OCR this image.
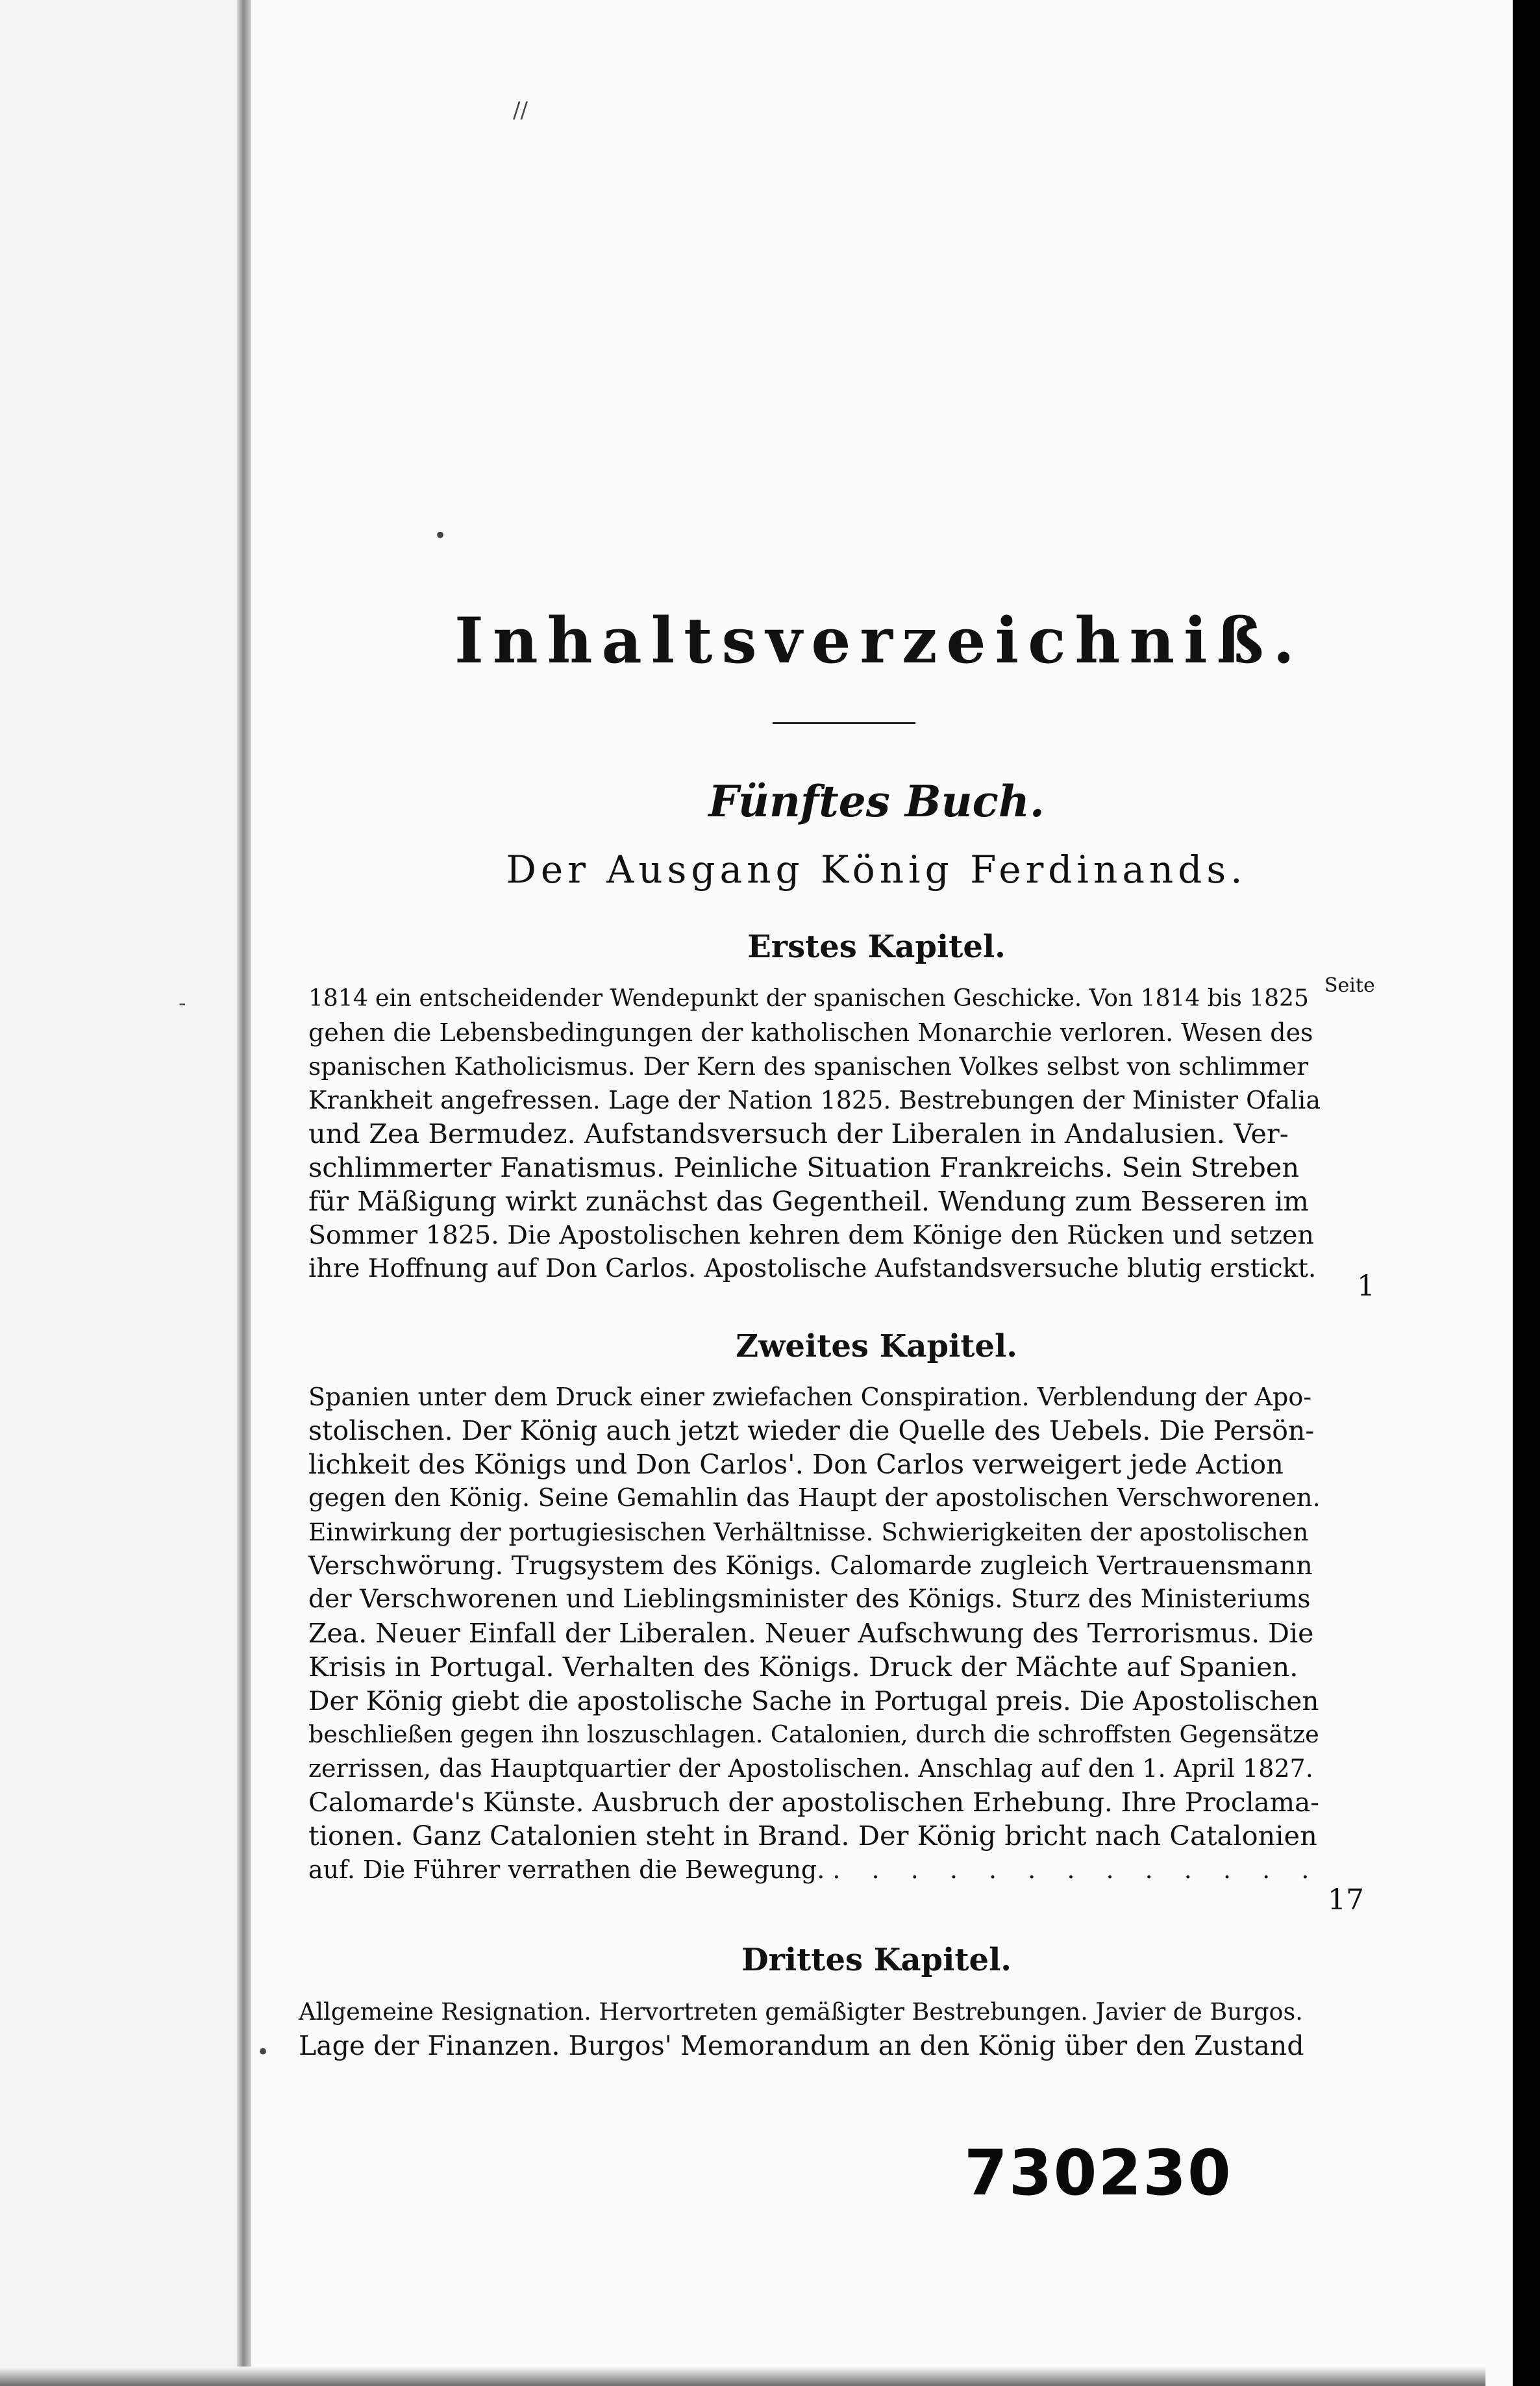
//
•
-
•
Inhaltsverzeichniß.
Fünftes Buch.
Der Ausgang König Ferdinands.
Seite
Erstes Kapitel.
1814 ein entscheidender Wendepunkt der spanischen Geschicke. Von 1814 bis 1825
gehen die Lebensbedingungen der katholischen Monarchie verloren. Wesen des
spanischen Katholicismus. Der Kern des spanischen Volkes selbst von schlimmer
Krankheit angefressen. Lage der Nation 1825. Bestrebungen der Minister Ofalia
und Zea Bermudez. Aufstandsversuch der Liberalen in Andalusien. Ver-
schlimmerter Fanatismus. Peinliche Situation Frankreichs. Sein Streben
für Mäßigung wirkt zunächst das Gegentheil. Wendung zum Besseren im
Sommer 1825. Die Apostolischen kehren dem Könige den Rücken und setzen
ihre Hoffnung auf Don Carlos. Apostolische Aufstandsversuche blutig erstickt.
1
Zweites Kapitel.
Spanien unter dem Druck einer zwiefachen Conspiration. Verblendung der Apo-
stolischen. Der König auch jetzt wieder die Quelle des Uebels. Die Persön-
lichkeit des Königs und Don Carlos'. Don Carlos verweigert jede Action
gegen den König. Seine Gemahlin das Haupt der apostolischen Verschworenen.
Einwirkung der portugiesischen Verhältnisse. Schwierigkeiten der apostolischen
Verschwörung. Trugsystem des Königs. Calomarde zugleich Vertrauensmann
der Verschworenen und Lieblingsminister des Königs. Sturz des Ministeriums
Zea. Neuer Einfall der Liberalen. Neuer Aufschwung des Terrorismus. Die
Krisis in Portugal. Verhalten des Königs. Druck der Mächte auf Spanien.
Der König giebt die apostolische Sache in Portugal preis. Die Apostolischen
beschließen gegen ihn loszuschlagen. Catalonien, durch die schroffsten Gegensätze
zerrissen, das Hauptquartier der Apostolischen. Anschlag auf den 1. April 1827.
Calomarde's Künste. Ausbruch der apostolischen Erhebung. Ihre Proclama-
tionen. Ganz Catalonien steht in Brand. Der König bricht nach Catalonien
auf. Die Führer verrathen die Bewegung. . . . . . . . . . . . . .
17
Drittes Kapitel.
Allgemeine Resignation. Hervortreten gemäßigter Bestrebungen. Javier de Burgos.
Lage der Finanzen. Burgos' Memorandum an den König über den Zustand
730230
